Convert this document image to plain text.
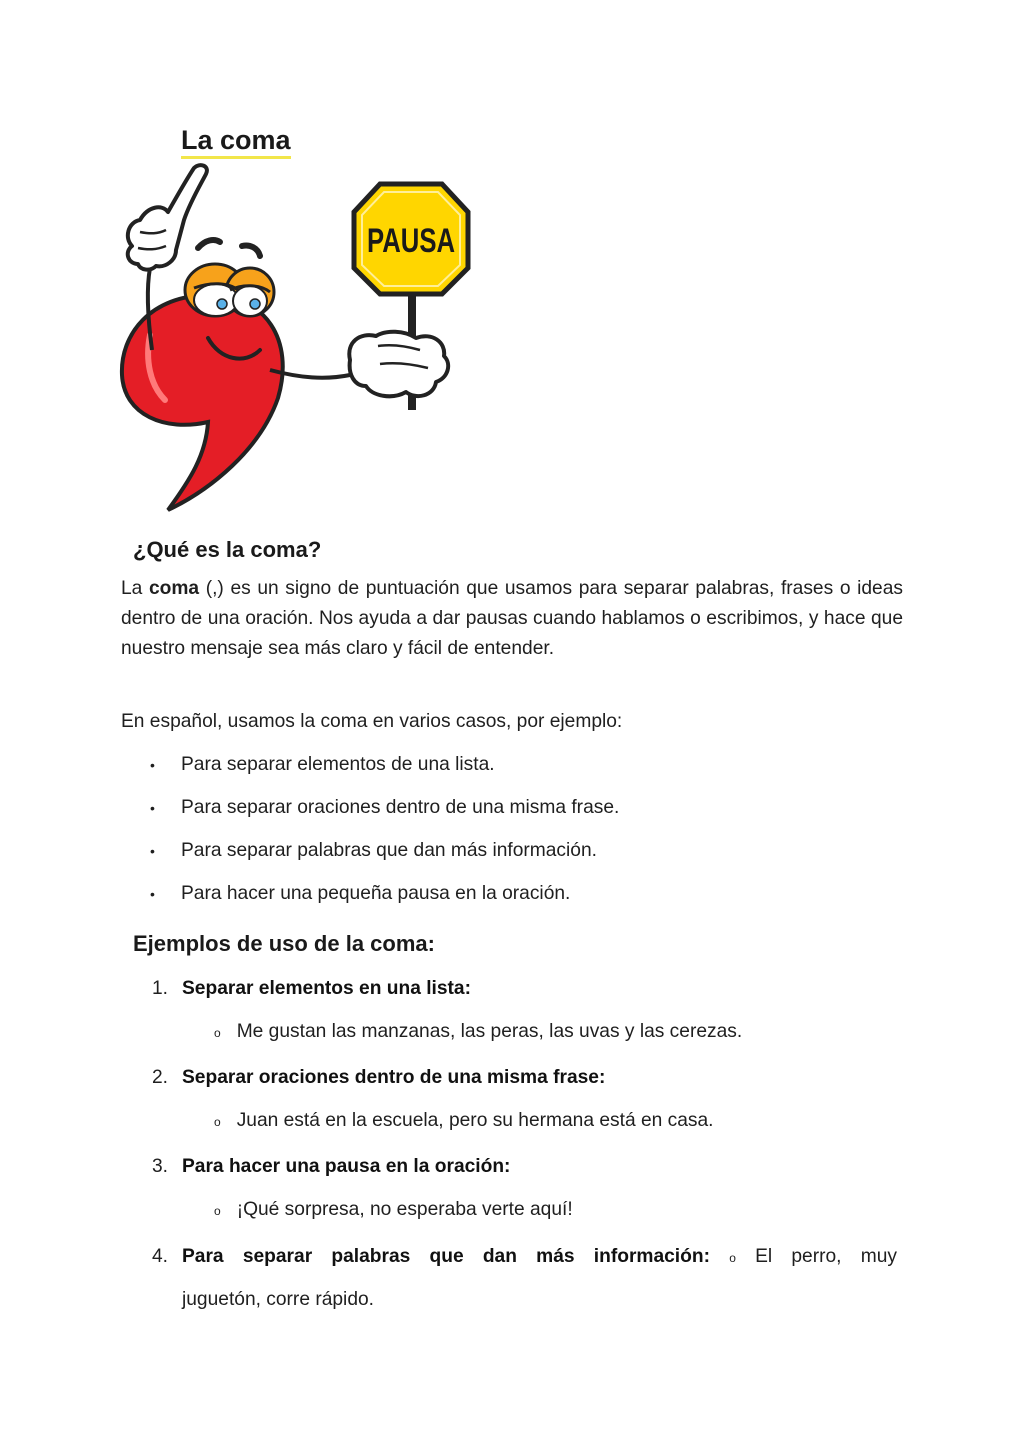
La coma
PAUSA
¿Qué es la coma?

La coma (,) es un signo de puntuación que usamos para separar palabras, frases o ideas dentro de una oración. Nos ayuda a dar pausas cuando hablamos o escribimos, y hace que nuestro mensaje sea más claro y fácil de entender.

En español, usamos la coma en varios casos, por ejemplo:

• Para separar elementos de una lista.
• Para separar oraciones dentro de una misma frase.
• Para separar palabras que dan más información.
• Para hacer una pequeña pausa en la oración.
Ejemplos de uso de la coma:
1. Separar elementos en una lista:
o Me gustan las manzanas, las peras, las uvas y las cerezas.
2. Separar oraciones dentro de una misma frase:
o Juan está en la escuela, pero su hermana está en casa.
3. Para hacer una pausa en la oración:
o ¡Qué sorpresa, no esperaba verte aquí!
4. Para separar palabras que dan más información: o El perro, muy
juguetón, corre rápido.
